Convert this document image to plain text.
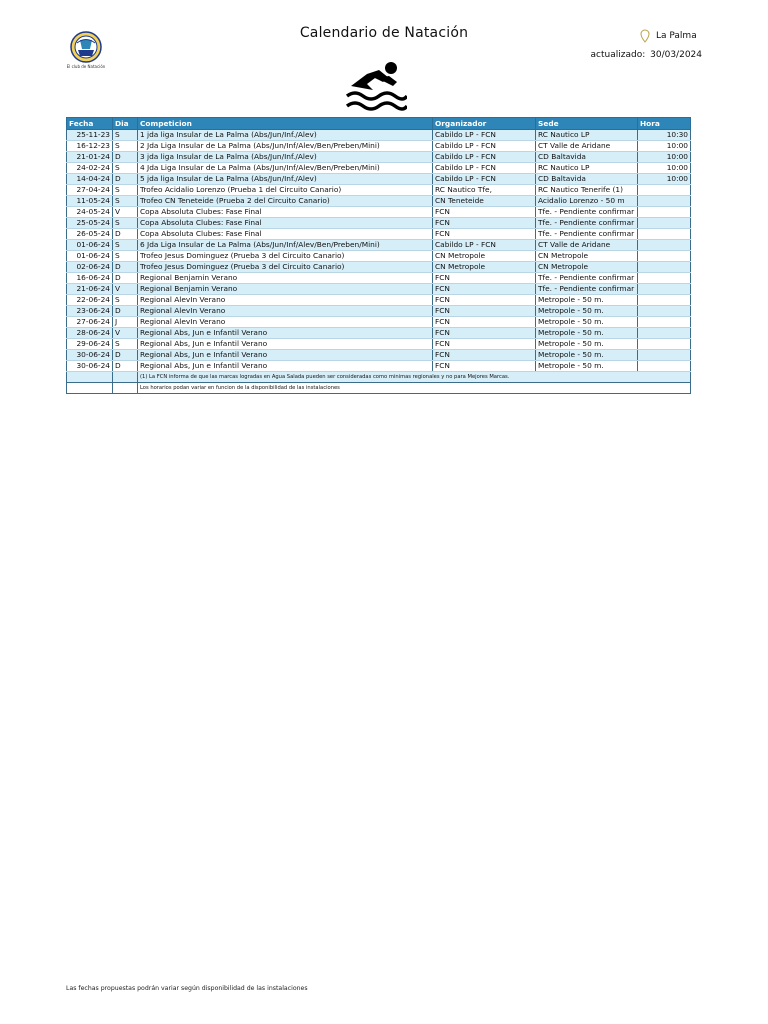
El club de Natación
Calendario de Natación	La Palma
actualizado: 30/03/2024
Fecha	Dia	Competicion	Organizador	Sede	Hora
25-11-23	S	1 jda liga Insular de La Palma (Abs/Jun/Inf./Alev)	Cabildo LP - FCN	RC Nautico LP	10:30
16-12-23	S	2 Jda Liga Insular de La Palma (Abs/Jun/Inf/Alev/Ben/Preben/Mini)	Cabildo LP - FCN	CT Valle de Aridane	10:00
21-01-24	D	3 jda liga Insular de La Palma (Abs/Jun/Inf./Alev)	Cabildo LP - FCN	CD Baltavida	10:00
24-02-24	S	4 Jda Liga Insular de La Palma (Abs/Jun/Inf/Alev/Ben/Preben/Mini)	Cabildo LP - FCN	RC Nautico LP	10:00
14-04-24	D	5 jda liga Insular de La Palma (Abs/Jun/Inf./Alev)	Cabildo LP - FCN	CD Baltavida	10:00
27-04-24	S	Trofeo Acidalio Lorenzo (Prueba 1 del Circuito Canario)	RC Nautico Tfe,	RC Nautico Tenerife (1)	
11-05-24	S	Trofeo CN Teneteide (Prueba 2 del Circuito Canario)	CN Teneteide	Acidalio Lorenzo - 50 m	
24-05-24	V	Copa Absoluta Clubes: Fase Final	FCN	Tfe. - Pendiente confirmar	
25-05-24	S	Copa Absoluta Clubes: Fase Final	FCN	Tfe. - Pendiente confirmar	
26-05-24	D	Copa Absoluta Clubes: Fase Final	FCN	Tfe. - Pendiente confirmar	
01-06-24	S	6 Jda Liga Insular de La Palma (Abs/Jun/Inf/Alev/Ben/Preben/Mini)	Cabildo LP - FCN	CT Valle de Aridane	
01-06-24	S	Trofeo Jesus Dominguez (Prueba 3 del Circuito Canario)	CN Metropole	CN Metropole	
02-06-24	D	Trofeo Jesus Dominguez (Prueba 3 del Circuito Canario)	CN Metropole	CN Metropole	
16-06-24	D	Regional Benjamin Verano	FCN	Tfe. - Pendiente confirmar	
21-06-24	V	Regional Benjamin Verano	FCN	Tfe. - Pendiente confirmar	
22-06-24	S	Regional AlevIn Verano	FCN	Metropole - 50 m.	
23-06-24	D	Regional AlevIn Verano	FCN	Metropole - 50 m.	
27-06-24	J	Regional AlevIn Verano	FCN	Metropole - 50 m.	
28-06-24	V	Regional Abs, Jun e Infantil Verano	FCN	Metropole - 50 m.	
29-06-24	S	Regional Abs, Jun e Infantil Verano	FCN	Metropole - 50 m.	
30-06-24	D	Regional Abs, Jun e Infantil Verano	FCN	Metropole - 50 m.	
30-06-24	D	Regional Abs, Jun e Infantil Verano	FCN	Metropole - 50 m.	
		(1) La FCN informa de que las marcas logradas en Agua Salada pueden ser consideradas como minimas regionales y no para Mejores Marcas.			
		Los horarios podan variar en funcion de la disponibilidad de las instalaciones			
Las fechas propuestas podrán variar según disponibilidad de las instalaciones
